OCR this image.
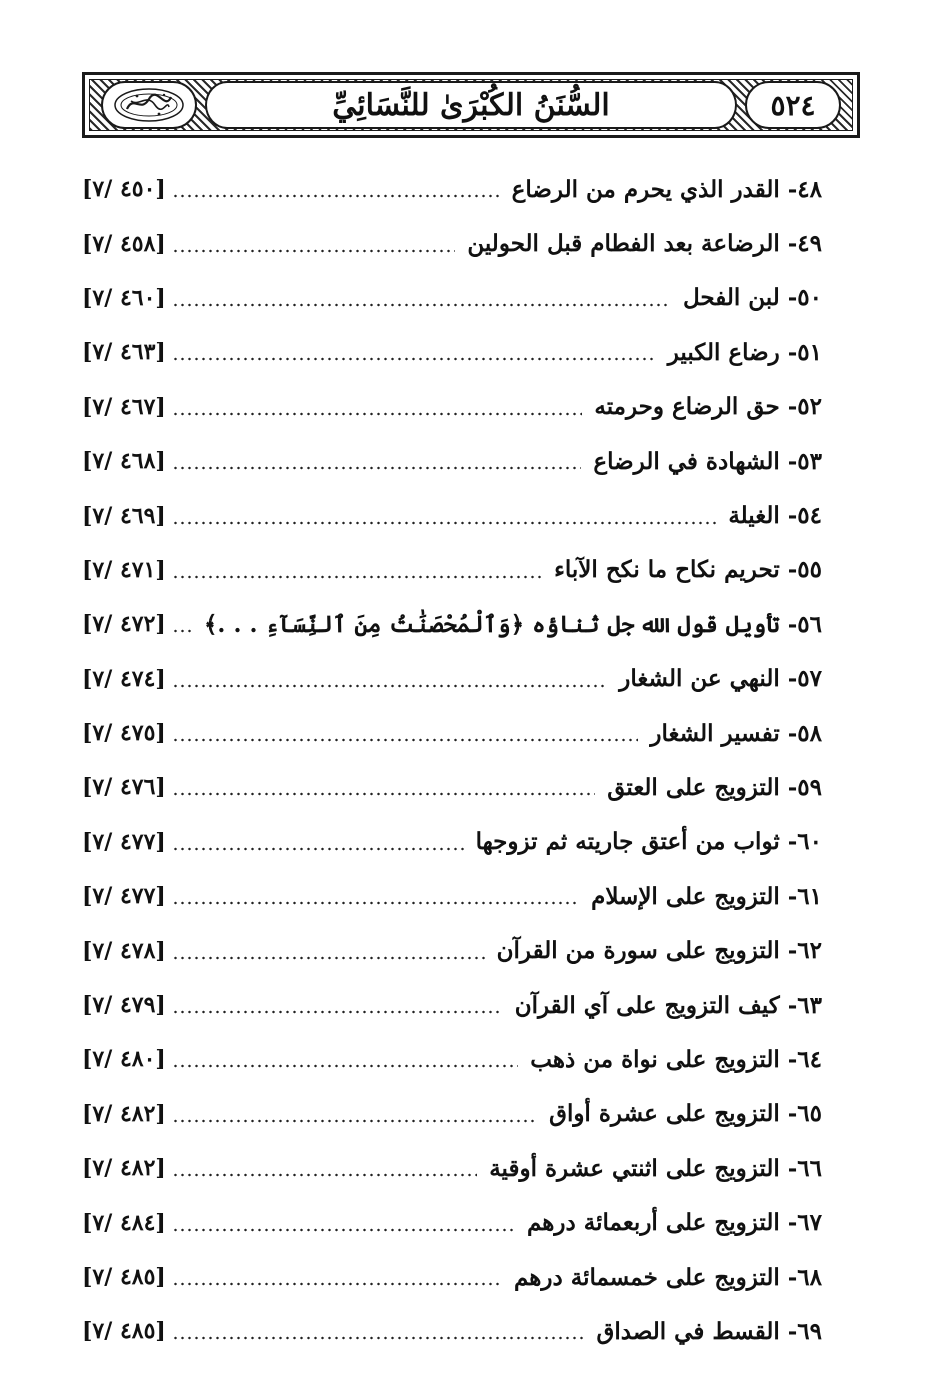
٥٢٤
السُّنَنُ الكُبْرَىٰ للنَّسَائِيِّ
٤٨-
القدر الذي يحرم من الرضاع
[٤٥٠ /٧]
٤٩-
الرضاعة بعد الفطام قبل الحولين
[٤٥٨ /٧]
٥٠-
لبن الفحل
[٤٦٠ /٧]
٥١-
رضاع الكبير
[٤٦٣ /٧]
٥٢-
حق الرضاع وحرمته
[٤٦٧ /٧]
٥٣-
الشهادة في الرضاع
[٤٦٨ /٧]
٥٤-
الغيلة
[٤٦٩ /٧]
٥٥-
تحريم نكاح ما نكح الآباء
[٤٧١ /٧]
٥٦-
تأويل قول الله جل ثناؤه ﴿وَٱلْمُحْصَنَٰتُ مِنَ ٱلنِّسَآءِ . . .﴾
[٤٧٢ /٧]
٥٧-
النهي عن الشغار
[٤٧٤ /٧]
٥٨-
تفسير الشغار
[٤٧٥ /٧]
٥٩-
التزويج على العتق
[٤٧٦ /٧]
٦٠-
ثواب من أعتق جاريته ثم تزوجها
[٤٧٧ /٧]
٦١-
التزويج على الإسلام
[٤٧٧ /٧]
٦٢-
التزويج على سورة من القرآن
[٤٧٨ /٧]
٦٣-
كيف التزويج على آي القرآن
[٤٧٩ /٧]
٦٤-
التزويج على نواة من ذهب
[٤٨٠ /٧]
٦٥-
التزويج على عشرة أواق
[٤٨٢ /٧]
٦٦-
التزويج على اثنتي عشرة أوقية
[٤٨٢ /٧]
٦٧-
التزويج على أربعمائة درهم
[٤٨٤ /٧]
٦٨-
التزويج على خمسمائة درهم
[٤٨٥ /٧]
٦٩-
القسط في الصداق
[٤٨٥ /٧]
